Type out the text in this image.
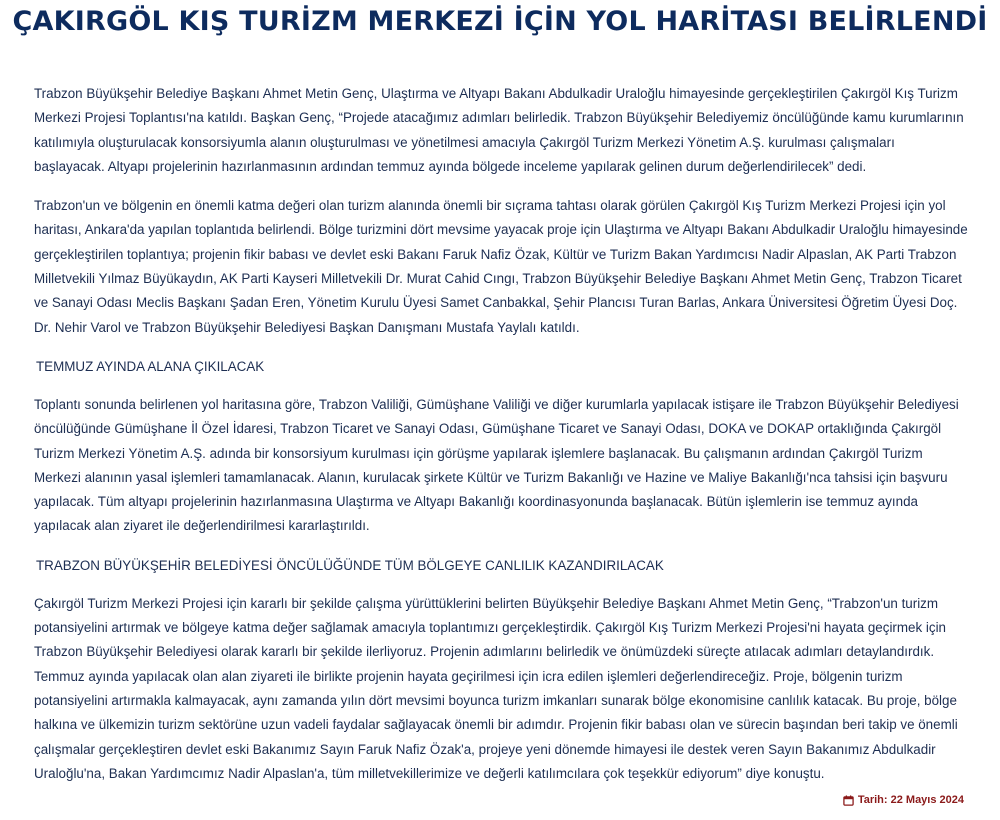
ÇAKIRGÖL KIŞ TURİZM MERKEZİ İÇİN YOL HARİTASI BELİRLENDİ

Trabzon Büyükşehir Belediye Başkanı Ahmet Metin Genç, Ulaştırma ve Altyapı Bakanı Abdulkadir Uraloğlu himayesinde gerçekleştirilen Çakırgöl Kış Turizm Merkezi Projesi Toplantısı'na katıldı. Başkan Genç, “Projede atacağımız adımları belirledik. Trabzon Büyükşehir Belediyemiz öncülüğünde kamu kurumlarının katılımıyla oluşturulacak konsorsiyumla alanın oluşturulması ve yönetilmesi amacıyla Çakırgöl Turizm Merkezi Yönetim A.Ş. kurulması çalışmaları başlayacak. Altyapı projelerinin hazırlanmasının ardından temmuz ayında bölgede inceleme yapılarak gelinen durum değerlendirilecek” dedi.

Trabzon'un ve bölgenin en önemli katma değeri olan turizm alanında önemli bir sıçrama tahtası olarak görülen Çakırgöl Kış Turizm Merkezi Projesi için yol haritası, Ankara'da yapılan toplantıda belirlendi. Bölge turizmini dört mevsime yayacak proje için Ulaştırma ve Altyapı Bakanı Abdulkadir Uraloğlu himayesinde gerçekleştirilen toplantıya; projenin fikir babası ve devlet eski Bakanı Faruk Nafiz Özak, Kültür ve Turizm Bakan Yardımcısı Nadir Alpaslan, AK Parti Trabzon Milletvekili Yılmaz Büyükaydın, AK Parti Kayseri Milletvekili Dr. Murat Cahid Cıngı, Trabzon Büyükşehir Belediye Başkanı Ahmet Metin Genç, Trabzon Ticaret ve Sanayi Odası Meclis Başkanı Şadan Eren, Yönetim Kurulu Üyesi Samet Canbakkal, Şehir Plancısı Turan Barlas, Ankara Üniversitesi Öğretim Üyesi Doç. Dr. Nehir Varol ve Trabzon Büyükşehir Belediyesi Başkan Danışmanı Mustafa Yaylalı katıldı.

TEMMUZ AYINDA ALANA ÇIKILACAK

Toplantı sonunda belirlenen yol haritasına göre, Trabzon Valiliği, Gümüşhane Valiliği ve diğer kurumlarla yapılacak istişare ile Trabzon Büyükşehir Belediyesi öncülüğünde Gümüşhane İl Özel İdaresi, Trabzon Ticaret ve Sanayi Odası, Gümüşhane Ticaret ve Sanayi Odası, DOKA ve DOKAP ortaklığında Çakırgöl Turizm Merkezi Yönetim A.Ş. adında bir konsorsiyum kurulması için görüşme yapılarak işlemlere başlanacak. Bu çalışmanın ardından Çakırgöl Turizm Merkezi alanının yasal işlemleri tamamlanacak. Alanın, kurulacak şirkete Kültür ve Turizm Bakanlığı ve Hazine ve Maliye Bakanlığı'nca tahsisi için başvuru yapılacak. Tüm altyapı projelerinin hazırlanmasına Ulaştırma ve Altyapı Bakanlığı koordinasyonunda başlanacak. Bütün işlemlerin ise temmuz ayında yapılacak alan ziyaret ile değerlendirilmesi kararlaştırıldı.

TRABZON BÜYÜKŞEHİR BELEDİYESİ ÖNCÜLÜĞÜNDE TÜM BÖLGEYE CANLILIK KAZANDIRILACAK

Çakırgöl Turizm Merkezi Projesi için kararlı bir şekilde çalışma yürüttüklerini belirten Büyükşehir Belediye Başkanı Ahmet Metin Genç, “Trabzon'un turizm potansiyelini artırmak ve bölgeye katma değer sağlamak amacıyla toplantımızı gerçekleştirdik. Çakırgöl Kış Turizm Merkezi Projesi'ni hayata geçirmek için Trabzon Büyükşehir Belediyesi olarak kararlı bir şekilde ilerliyoruz. Projenin adımlarını belirledik ve önümüzdeki süreçte atılacak adımları detaylandırdık. Temmuz ayında yapılacak olan alan ziyareti ile birlikte projenin hayata geçirilmesi için icra edilen işlemleri değerlendireceğiz. Proje, bölgenin turizm potansiyelini artırmakla kalmayacak, aynı zamanda yılın dört mevsimi boyunca turizm imkanları sunarak bölge ekonomisine canlılık katacak. Bu proje, bölge halkına ve ülkemizin turizm sektörüne uzun vadeli faydalar sağlayacak önemli bir adımdır. Projenin fikir babası olan ve sürecin başından beri takip ve önemli çalışmalar gerçekleştiren devlet eski Bakanımız Sayın Faruk Nafiz Özak'a, projeye yeni dönemde himayesi ile destek veren Sayın Bakanımız Abdulkadir Uraloğlu'na, Bakan Yardımcımız Nadir Alpaslan'a, tüm milletvekillerimize ve değerli katılımcılara çok teşekkür ediyorum” diye konuştu.

Tarih: 22 Mayıs 2024
